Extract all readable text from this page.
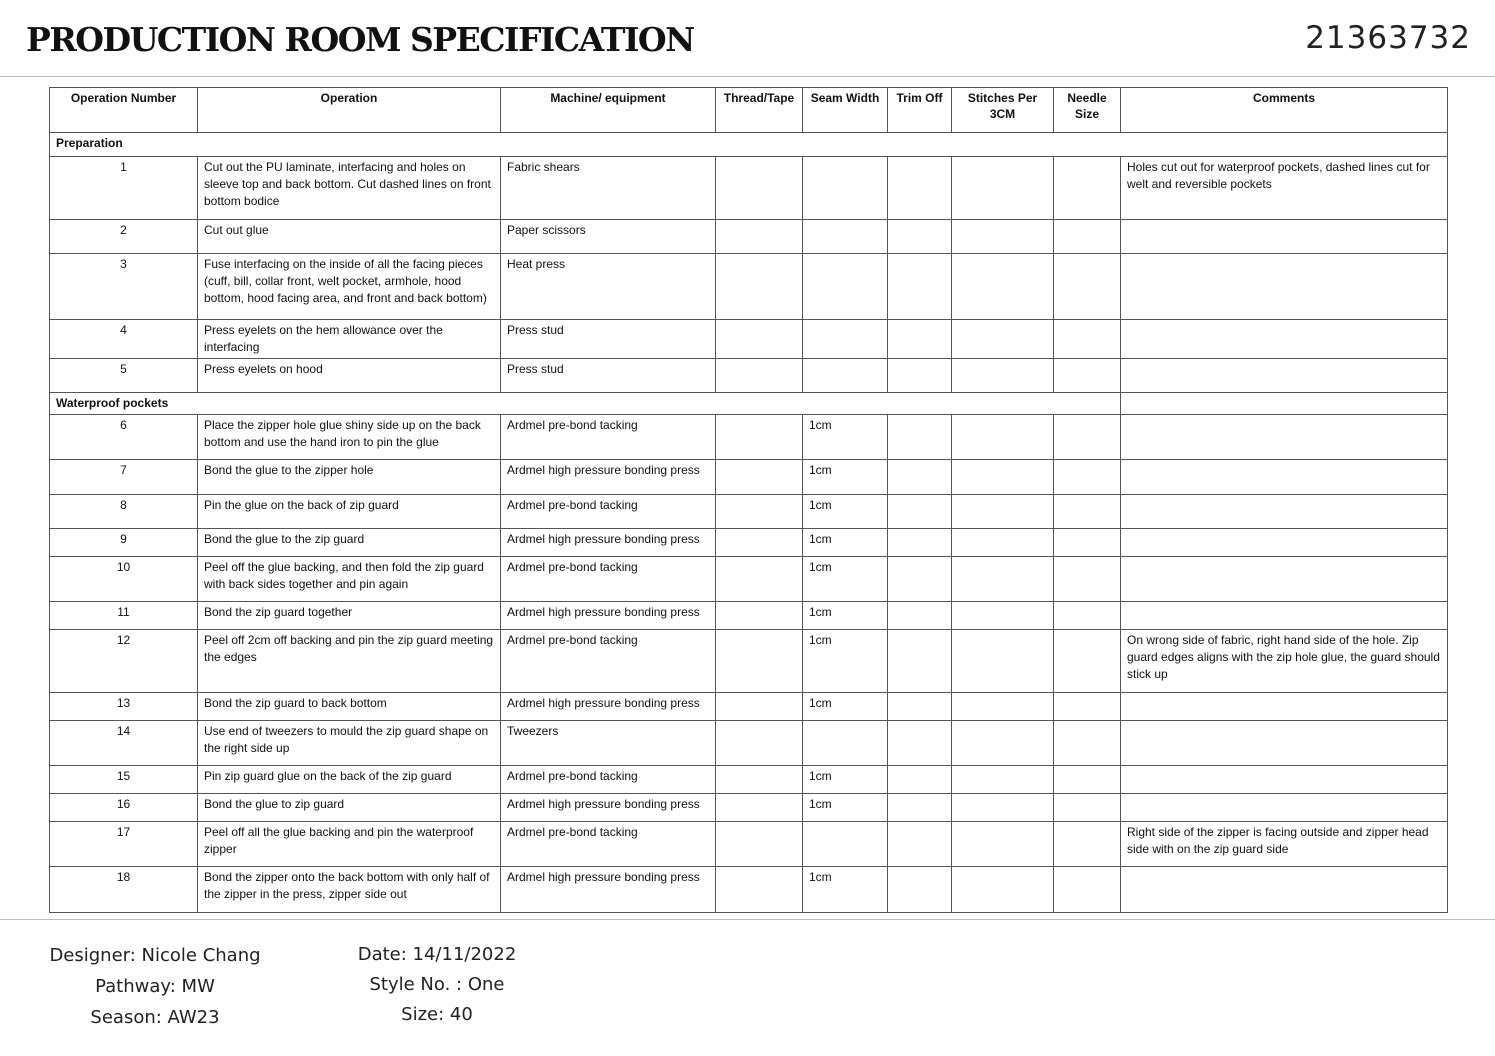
PRODUCTION ROOM SPECIFICATION	21363732
Operation Number	Operation	Machine/ equipment	Thread/Tape	Seam Width	Trim Off	Stitches Per 3CM	Needle Size	Comments
Preparation								
1	Cut out the PU laminate, interfacing and holes on sleeve top and back bottom. Cut dashed lines on front bottom bodice	Fabric shears						Holes cut out for waterproof pockets, dashed lines cut for welt and reversible pockets
2	Cut out glue	Paper scissors						
3	Fuse interfacing on the inside of all the facing pieces (cuff, bill, collar front, welt pocket, armhole, hood bottom, hood facing area, and front and back bottom)	Heat press						
4	Press eyelets on the hem allowance over the interfacing	Press stud						
5	Press eyelets on hood	Press stud						
Waterproof pockets								
6	Place the zipper hole glue shiny side up on the back bottom and use the hand iron to pin the glue	Ardmel pre-bond tacking		1cm				
7	Bond the glue to the zipper hole	Ardmel high pressure bonding press		1cm				
8	Pin the glue on the back of zip guard	Ardmel pre-bond tacking		1cm				
9	Bond the glue to the zip guard	Ardmel high pressure bonding press		1cm				
10	Peel off the glue backing, and then fold the zip guard with back sides together and pin again	Ardmel pre-bond tacking		1cm				
11	Bond the zip guard together	Ardmel high pressure bonding press		1cm				
12	Peel off 2cm off backing and pin the zip guard meeting the edges	Ardmel pre-bond tacking		1cm				On wrong side of fabric, right hand side of the hole. Zip guard edges aligns with the zip hole glue, the guard should stick up
13	Bond the zip guard to back bottom	Ardmel high pressure bonding press		1cm				
14	Use end of tweezers to mould the zip guard shape on the right side up	Tweezers						
15	Pin zip guard glue on the back of the zip guard	Ardmel pre-bond tacking		1cm				
16	Bond the glue to zip guard	Ardmel high pressure bonding press		1cm				
17	Peel off all the glue backing and pin the waterproof zipper	Ardmel pre-bond tacking						Right side of the zipper is facing outside and zipper head side with on the zip guard side
18	Bond the zipper onto the back bottom with only half of the zipper in the press, zipper side out	Ardmel high pressure bonding press		1cm				
Designer: Nicole Chang
Pathway: MW
Season: AW23
Date: 14/11/2022
Style No. : One
Size: 40
